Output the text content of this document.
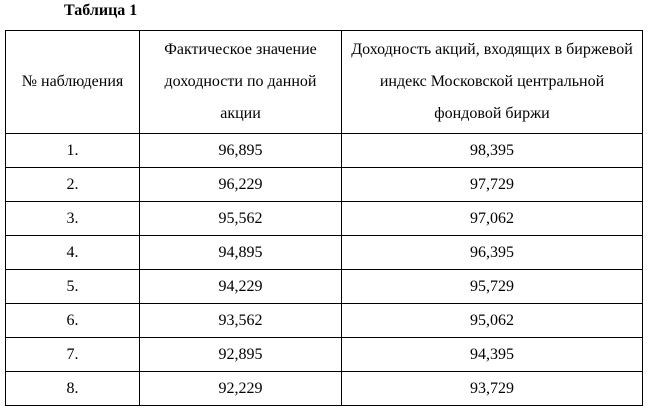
Таблица 1
№ наблюдения	Фактическое значение доходности по данной акции	Доходность акций, входящих в биржевой индекс Московской центральной фондовой биржи

1.	96,895	98,395
2.	96,229	97,729
3.	95,562	97,062
4.	94,895	96,395
5.	94,229	95,729
6.	93,562	95,062
7.	92,895	94,395
8.	92,229	93,729
